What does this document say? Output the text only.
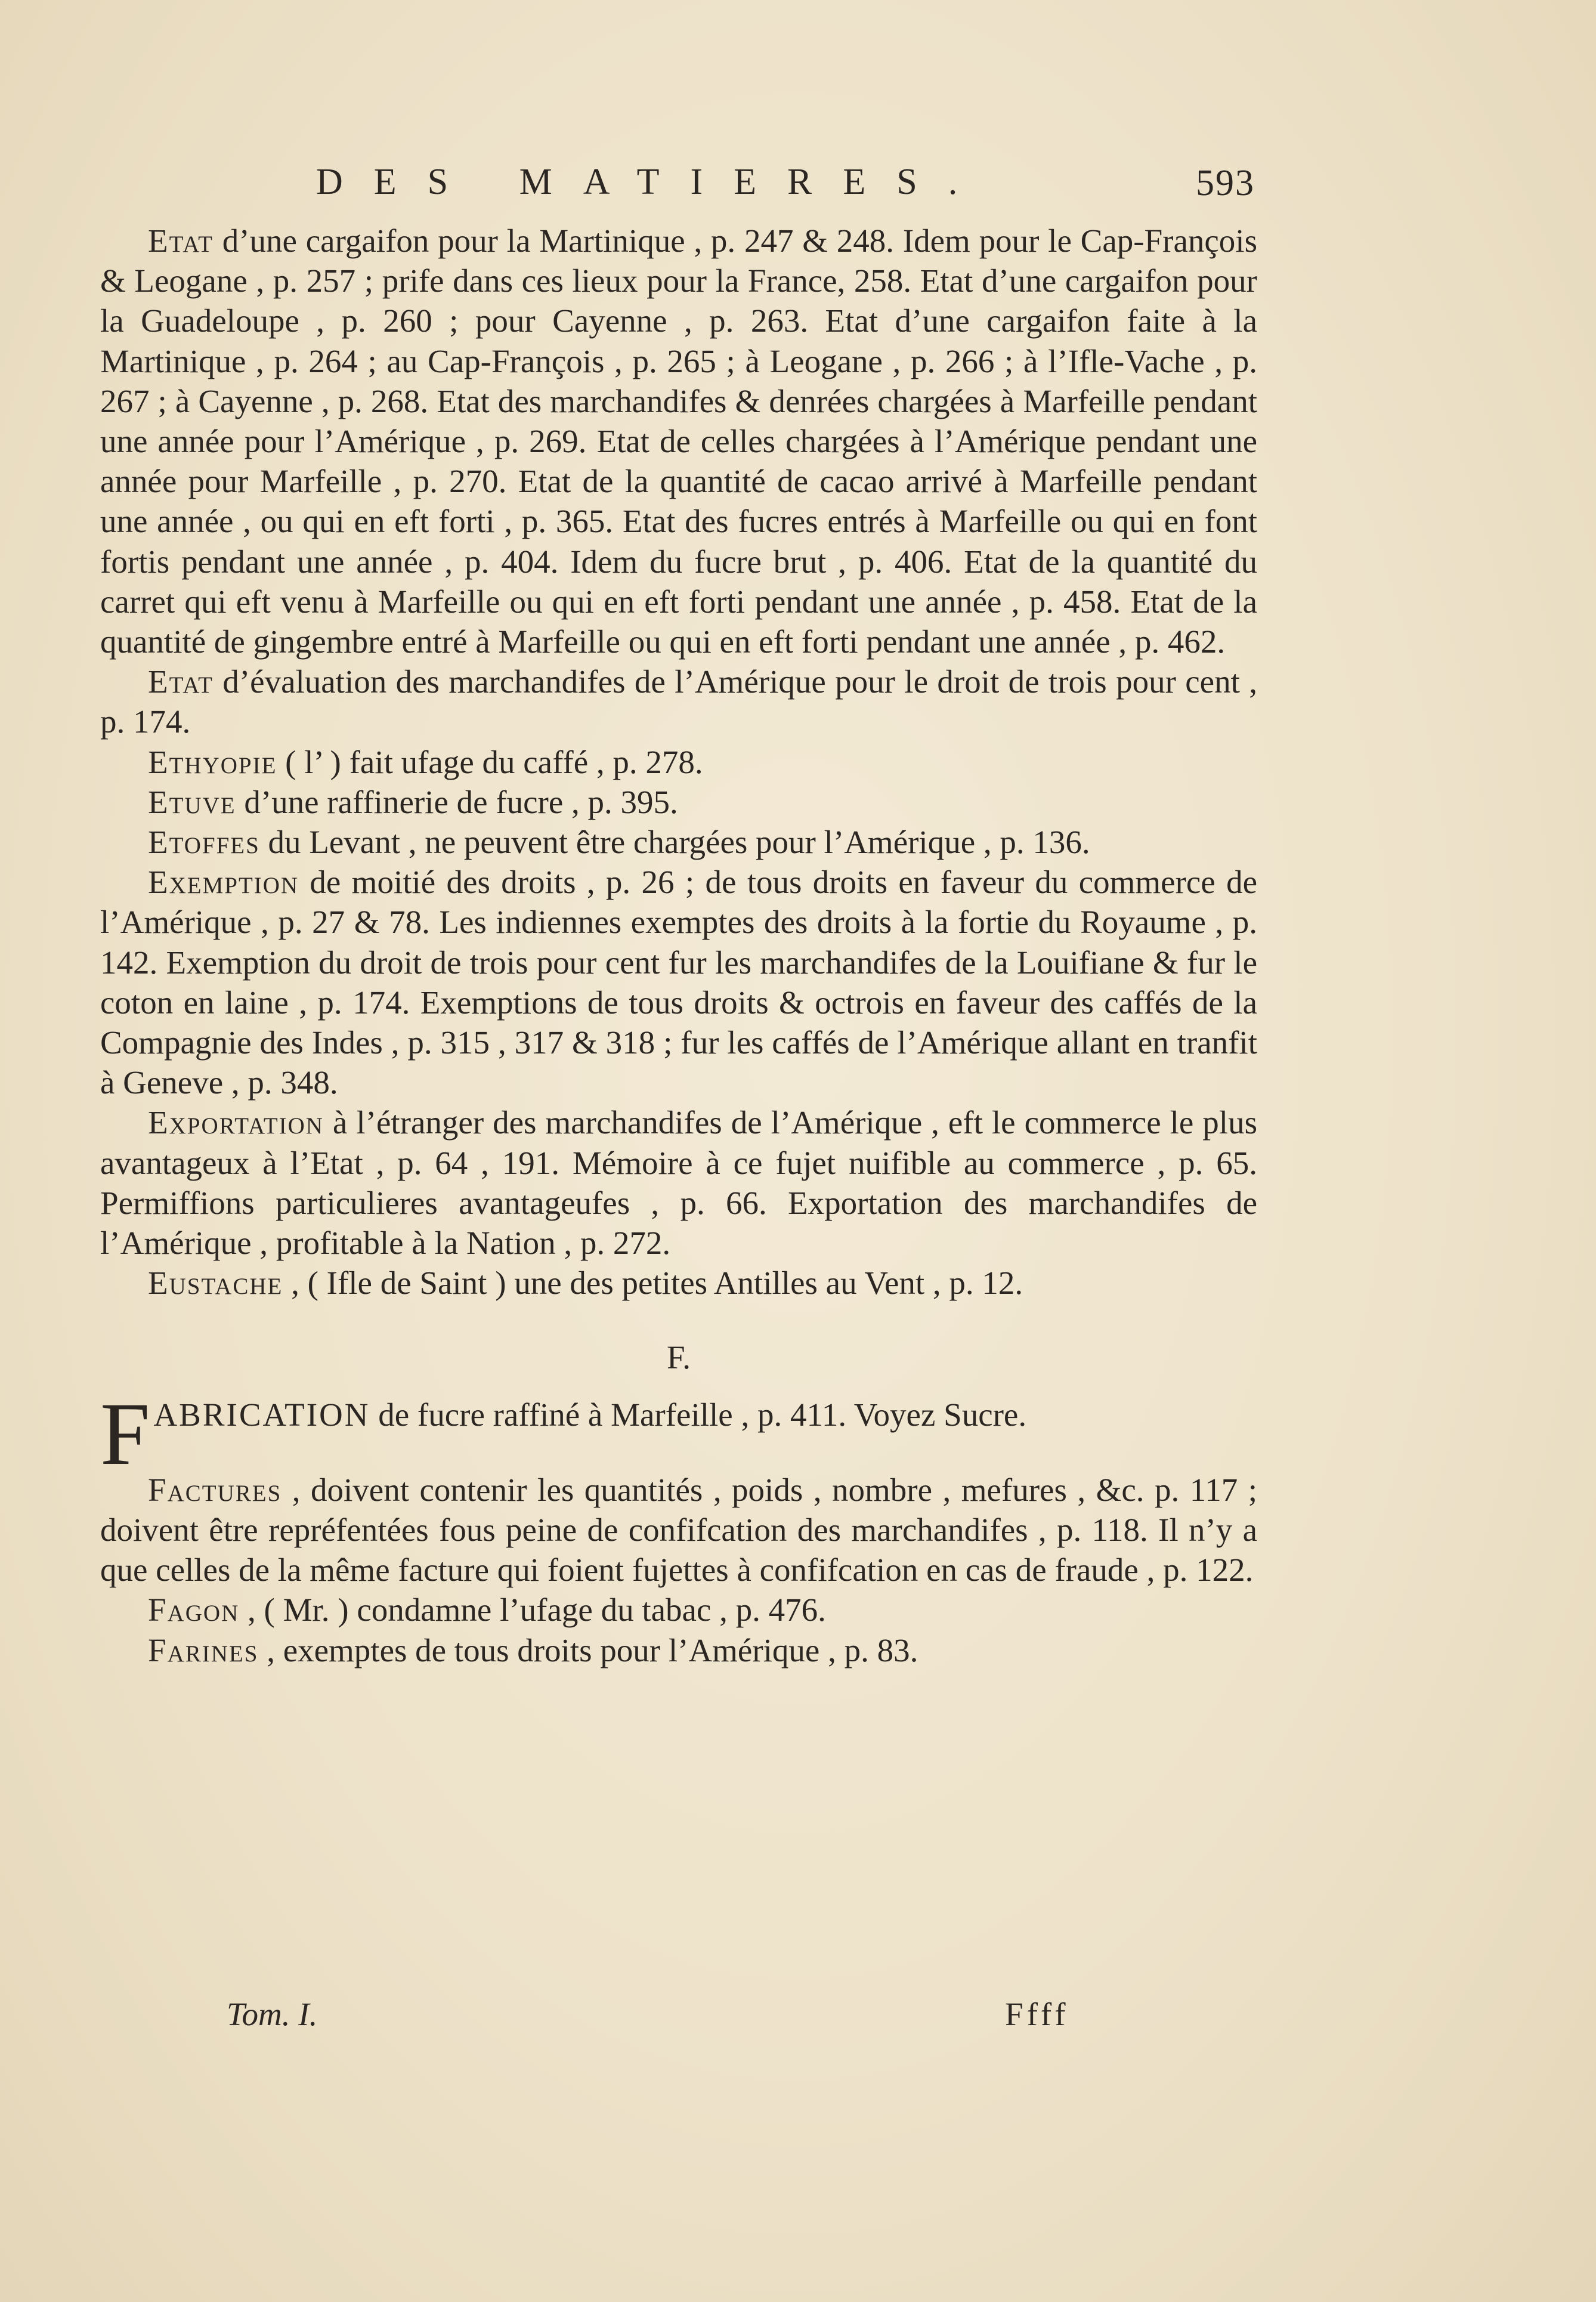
DES MATIERES.	593

Etat d’une cargaifon pour la Martinique , p. 247 & 248. Idem pour le Cap-François & Leogane , p. 257 ; prife dans ces lieux pour la France, 258. Etat d’une cargaifon pour la Guadeloupe , p. 260 ; pour Cayenne , p. 263. Etat d’une cargaifon faite à la Martinique , p. 264 ; au Cap-François , p. 265 ; à Leogane , p. 266 ; à l’Ifle-Vache , p. 267 ; à Cayenne , p. 268. Etat des marchandifes & denrées chargées à Marfeille pendant une année pour l’Amérique , p. 269. Etat de celles chargées à l’Amérique pendant une année pour Marfeille , p. 270. Etat de la quantité de cacao arrivé à Marfeille pendant une année , ou qui en eft forti , p. 365. Etat des fucres entrés à Marfeille ou qui en font fortis pendant une année , p. 404. Idem du fucre brut , p. 406. Etat de la quantité du carret qui eft venu à Marfeille ou qui en eft forti pendant une année , p. 458. Etat de la quantité de gingembre entré à Marfeille ou qui en eft forti pendant une année , p. 462.

Etat d’évaluation des marchandifes de l’Amérique pour le droit de trois pour cent , p. 174.

Ethyopie ( l’ ) fait ufage du caffé , p. 278.

Etuve d’une raffinerie de fucre , p. 395.

Etoffes du Levant , ne peuvent être chargées pour l’Amérique , p. 136.

Exemption de moitié des droits , p. 26 ; de tous droits en faveur du commerce de l’Amérique , p. 27 & 78. Les indiennes exemptes des droits à la fortie du Royaume , p. 142. Exemption du droit de trois pour cent fur les marchandifes de la Louifiane & fur le coton en laine , p. 174. Exemptions de tous droits & octrois en faveur des caffés de la Compagnie des Indes , p. 315 , 317 & 318 ; fur les caffés de l’Amérique allant en tranfit à Geneve , p. 348.

Exportation à l’étranger des marchandifes de l’Amérique , eft le commerce le plus avantageux à l’Etat , p. 64 , 191. Mémoire à ce fujet nuifible au commerce , p. 65. Permiffions particulieres avantageufes , p. 66. Exportation des marchandifes de l’Amérique , profitable à la Nation , p. 272.

Eustache , ( Ifle de Saint ) une des petites Antilles au Vent , p. 12.

F.

FABRICATION de fucre raffiné à Marfeille , p. 411. Voyez Sucre.

Factures , doivent contenir les quantités , poids , nombre , mefures , &c. p. 117 ; doivent être repréfentées fous peine de confifcation des marchandifes , p. 118. Il n’y a que celles de la même facture qui foient fujettes à confifcation en cas de fraude , p. 122.

Fagon , ( Mr. ) condamne l’ufage du tabac , p. 476.

Farines , exemptes de tous droits pour l’Amérique , p. 83.

Tom. I.	Ffff
